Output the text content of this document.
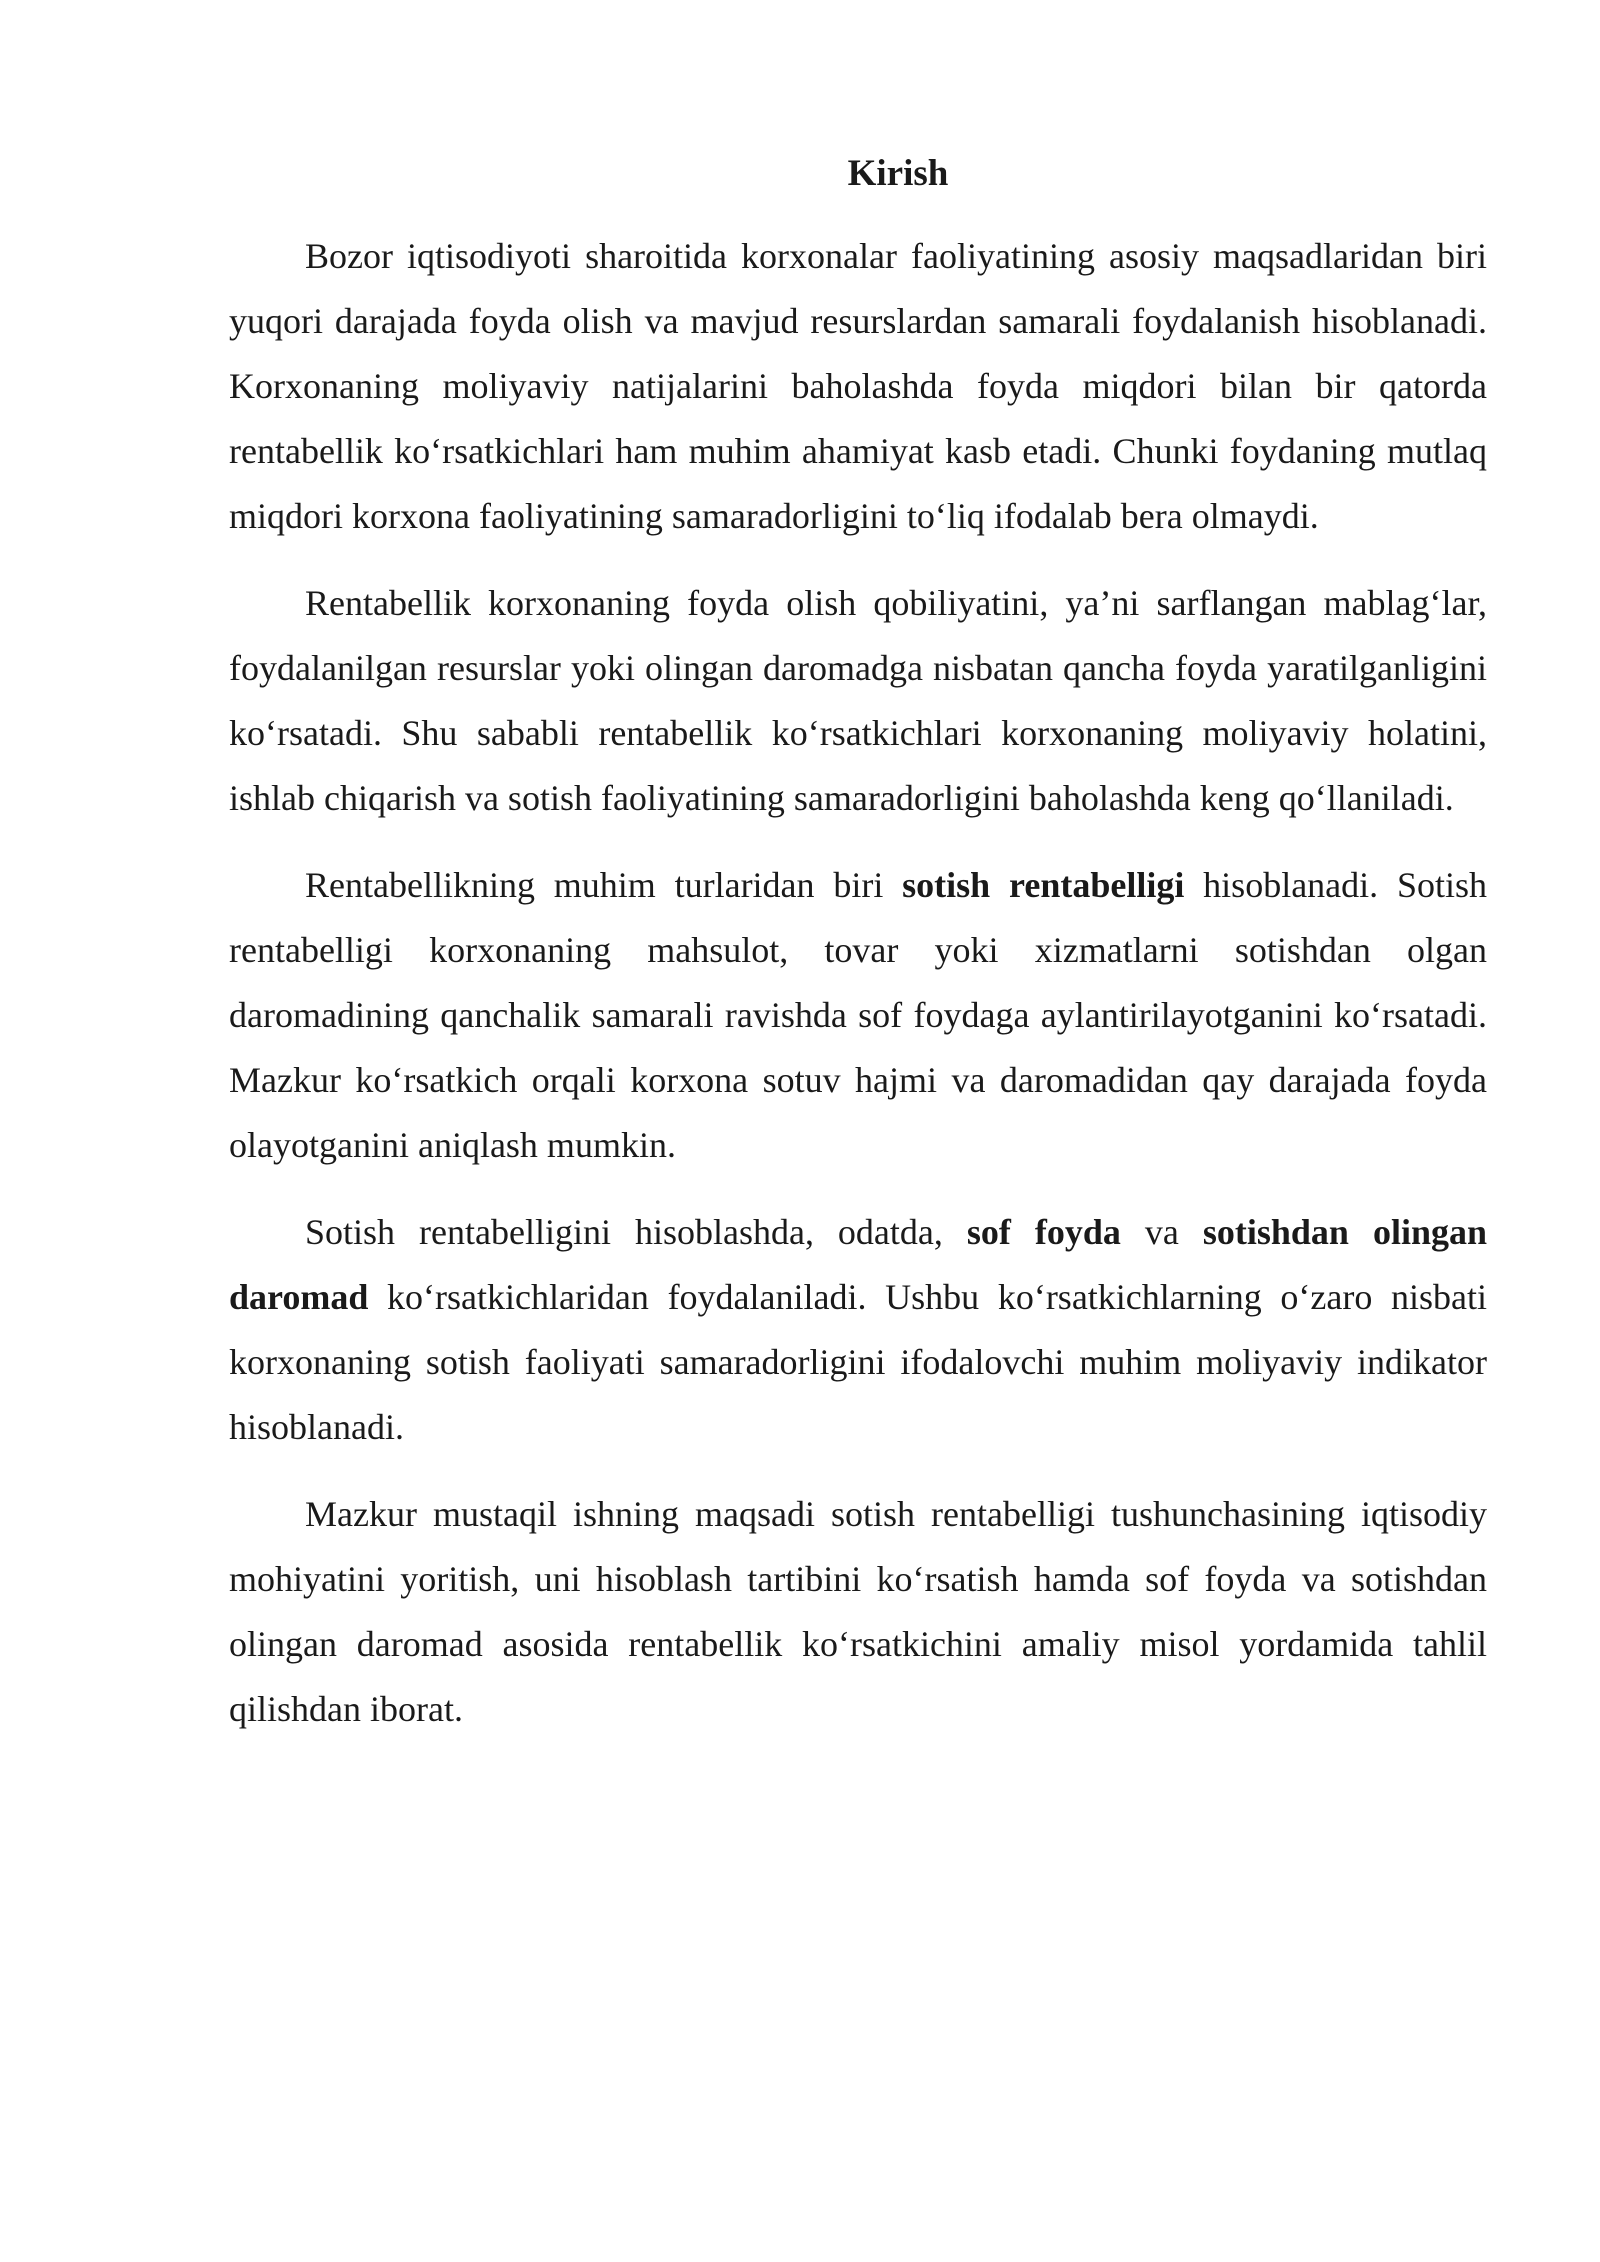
Kirish

Bozor iqtisodiyoti sharoitida korxonalar faoliyatining asosiy maqsadlaridan biri yuqori darajada foyda olish va mavjud resurslardan samarali foydalanish hisoblanadi. Korxonaning moliyaviy natijalarini baholashda foyda miqdori bilan bir qatorda rentabellik ko‘rsatkichlari ham muhim ahamiyat kasb etadi. Chunki foydaning mutlaq miqdori korxona faoliyatining samaradorligini to‘liq ifodalab bera olmaydi.

Rentabellik korxonaning foyda olish qobiliyatini, ya’ni sarflangan mablag‘lar, foydalanilgan resurslar yoki olingan daromadga nisbatan qancha foyda yaratilganligini ko‘rsatadi. Shu sababli rentabellik ko‘rsatkichlari korxonaning moliyaviy holatini, ishlab chiqarish va sotish faoliyatining samaradorligini baholashda keng qo‘llaniladi.

Rentabellikning muhim turlaridan biri sotish rentabelligi hisoblanadi. Sotish rentabelligi korxonaning mahsulot, tovar yoki xizmatlarni sotishdan olgan daromadining qanchalik samarali ravishda sof foydaga aylantirilayotganini ko‘rsatadi. Mazkur ko‘rsatkich orqali korxona sotuv hajmi va daromadidan qay darajada foyda olayotganini aniqlash mumkin.

Sotish rentabelligini hisoblashda, odatda, sof foyda va sotishdan olingan daromad ko‘rsatkichlaridan foydalaniladi. Ushbu ko‘rsatkichlarning o‘zaro nisbati korxonaning sotish faoliyati samaradorligini ifodalovchi muhim moliyaviy indikator hisoblanadi.

Mazkur mustaqil ishning maqsadi sotish rentabelligi tushunchasining iqtisodiy mohiyatini yoritish, uni hisoblash tartibini ko‘rsatish hamda sof foyda va sotishdan olingan daromad asosida rentabellik ko‘rsatkichini amaliy misol yordamida tahlil qilishdan iborat.
